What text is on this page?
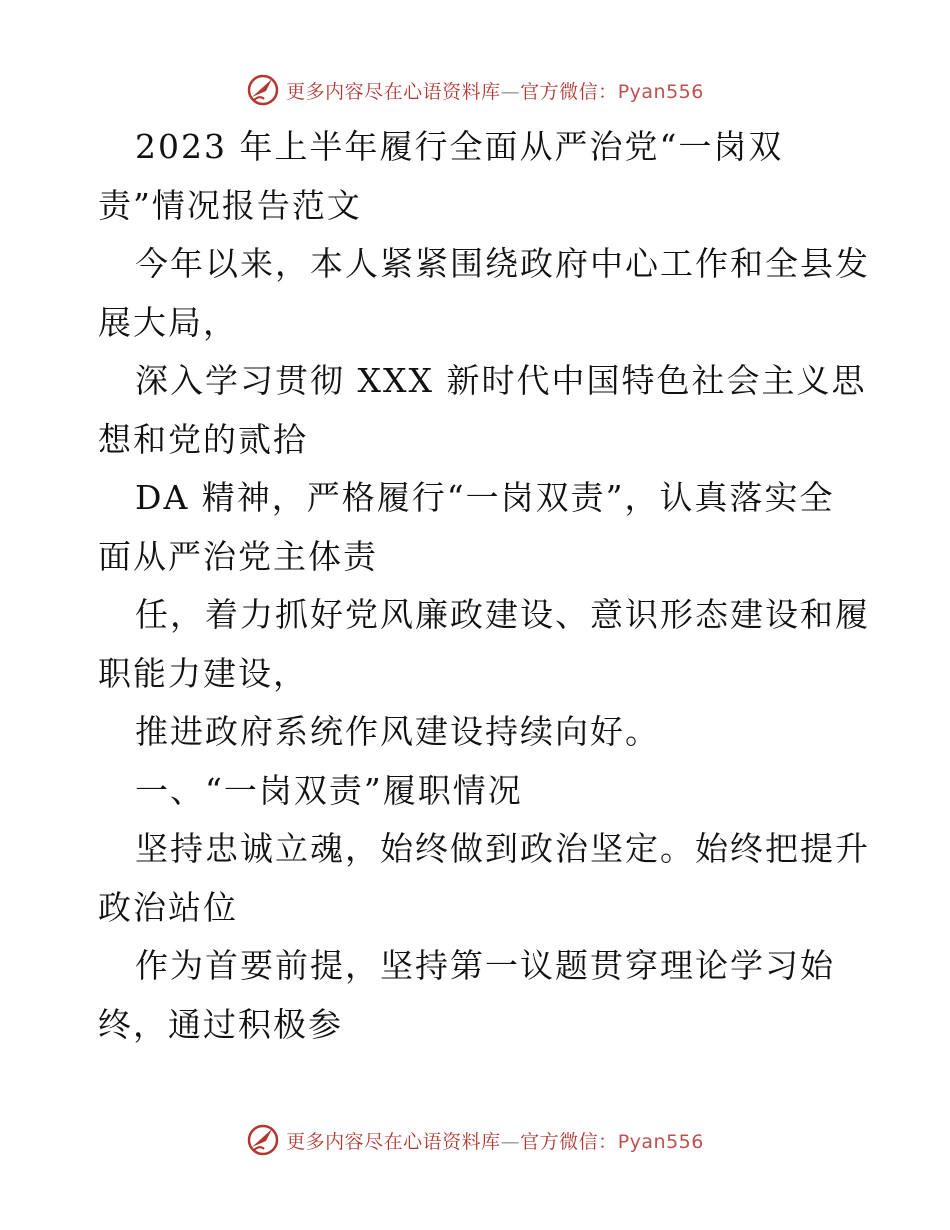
更多内容尽在心语资料库—官方微信：Pyan556
2023 年上半年履行全面从严治党“一岗双
责”情况报告范文
今年以来，本人紧紧围绕政府中心工作和全县发
展大局，
深入学习贯彻 XXX 新时代中国特色社会主义思
想和党的贰拾
DA 精神，严格履行“一岗双责”，认真落实全
面从严治党主体责
任，着力抓好党风廉政建设、意识形态建设和履
职能力建设，
推进政府系统作风建设持续向好。
一、“一岗双责”履职情况
坚持忠诚立魂，始终做到政治坚定。始终把提升
政治站位
作为首要前提，坚持第一议题贯穿理论学习始
终，通过积极参
更多内容尽在心语资料库—官方微信：Pyan556
